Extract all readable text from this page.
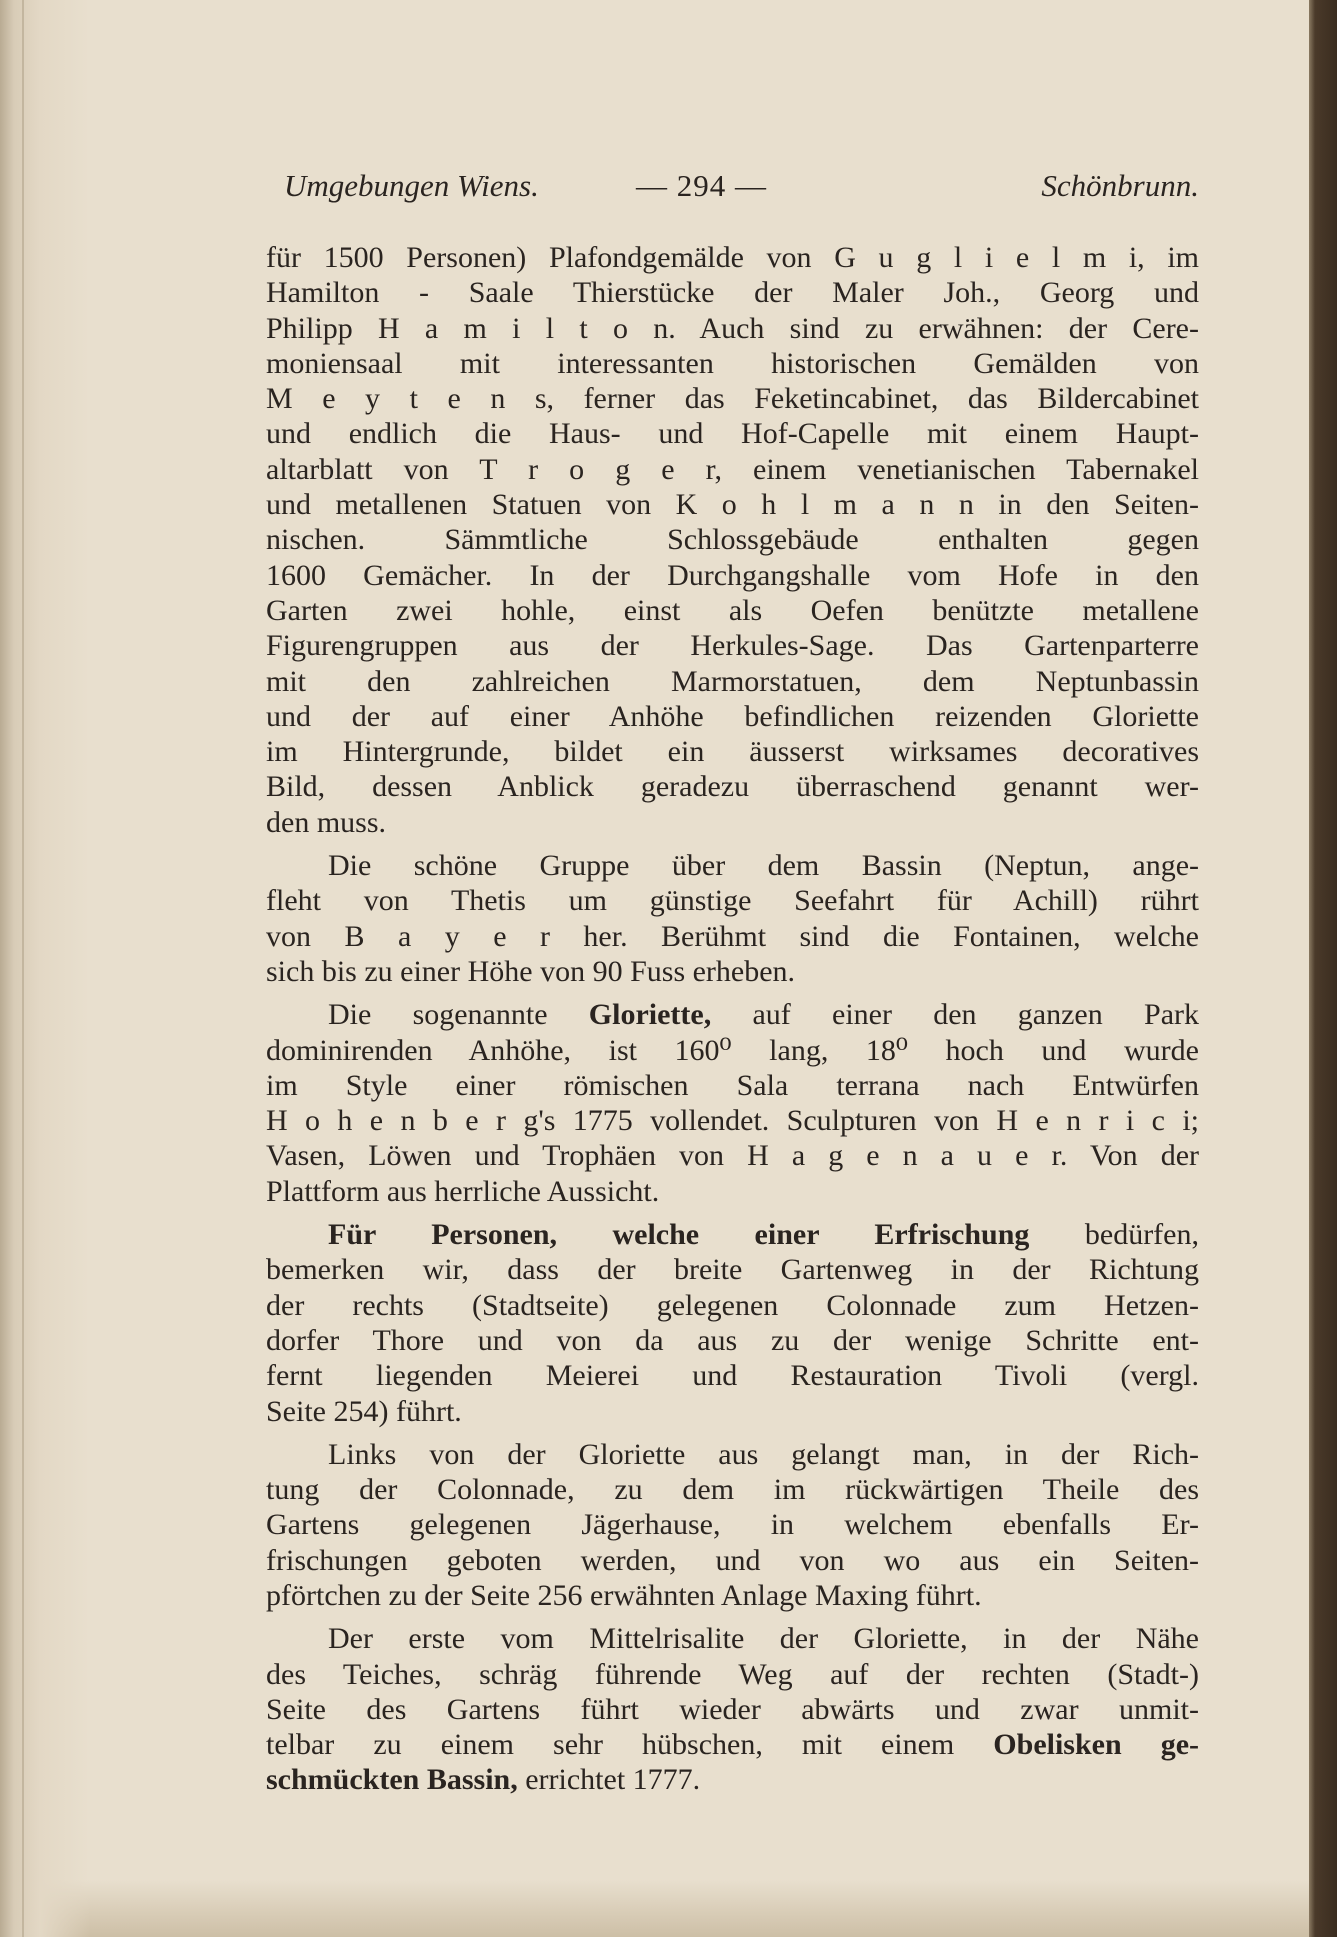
Umgebungen Wiens.	— 294 —	Schönbrunn.
für 1500 Personen) Plafondgemälde von G u g l i e l m i, im
Hamilton - Saale Thierstücke der Maler Joh., Georg und
Philipp H a m i l t o n. Auch sind zu erwähnen: der Cere-
moniensaal mit interessanten historischen Gemälden von
M e y t e n s, ferner das Feketincabinet, das Bildercabinet
und endlich die Haus- und Hof-Capelle mit einem Haupt-
altarblatt von T r o g e r, einem venetianischen Tabernakel
und metallenen Statuen von K o h l m a n n in den Seiten-
nischen. Sämmtliche Schlossgebäude enthalten gegen
1600 Gemächer. In der Durchgangshalle vom Hofe in den
Garten zwei hohle, einst als Oefen benützte metallene
Figurengruppen aus der Herkules-Sage. Das Gartenparterre
mit den zahlreichen Marmorstatuen, dem Neptunbassin
und der auf einer Anhöhe befindlichen reizenden Gloriette
im Hintergrunde, bildet ein äusserst wirksames decoratives
Bild, dessen Anblick geradezu überraschend genannt wer-
den muss.
Die schöne Gruppe über dem Bassin (Neptun, ange-
fleht von Thetis um günstige Seefahrt für Achill) rührt
von B a y e r her. Berühmt sind die Fontainen, welche
sich bis zu einer Höhe von 90 Fuss erheben.
Die sogenannte Gloriette, auf einer den ganzen Park
dominirenden Anhöhe, ist 160⁰ lang, 18⁰ hoch und wurde
im Style einer römischen Sala terrana nach Entwürfen
H o h e n b e r g's 1775 vollendet. Sculpturen von H e n r i c i;
Vasen, Löwen und Trophäen von H a g e n a u e r. Von der
Plattform aus herrliche Aussicht.
Für Personen, welche einer Erfrischung bedürfen,
bemerken wir, dass der breite Gartenweg in der Richtung
der rechts (Stadtseite) gelegenen Colonnade zum Hetzen-
dorfer Thore und von da aus zu der wenige Schritte ent-
fernt liegenden Meierei und Restauration Tivoli (vergl.
Seite 254) führt.
Links von der Gloriette aus gelangt man, in der Rich-
tung der Colonnade, zu dem im rückwärtigen Theile des
Gartens gelegenen Jägerhause, in welchem ebenfalls Er-
frischungen geboten werden, und von wo aus ein Seiten-
pförtchen zu der Seite 256 erwähnten Anlage Maxing führt.
Der erste vom Mittelrisalite der Gloriette, in der Nähe
des Teiches, schräg führende Weg auf der rechten (Stadt-)
Seite des Gartens führt wieder abwärts und zwar unmit-
telbar zu einem sehr hübschen, mit einem Obelisken ge-
schmückten Bassin, errichtet 1777.
